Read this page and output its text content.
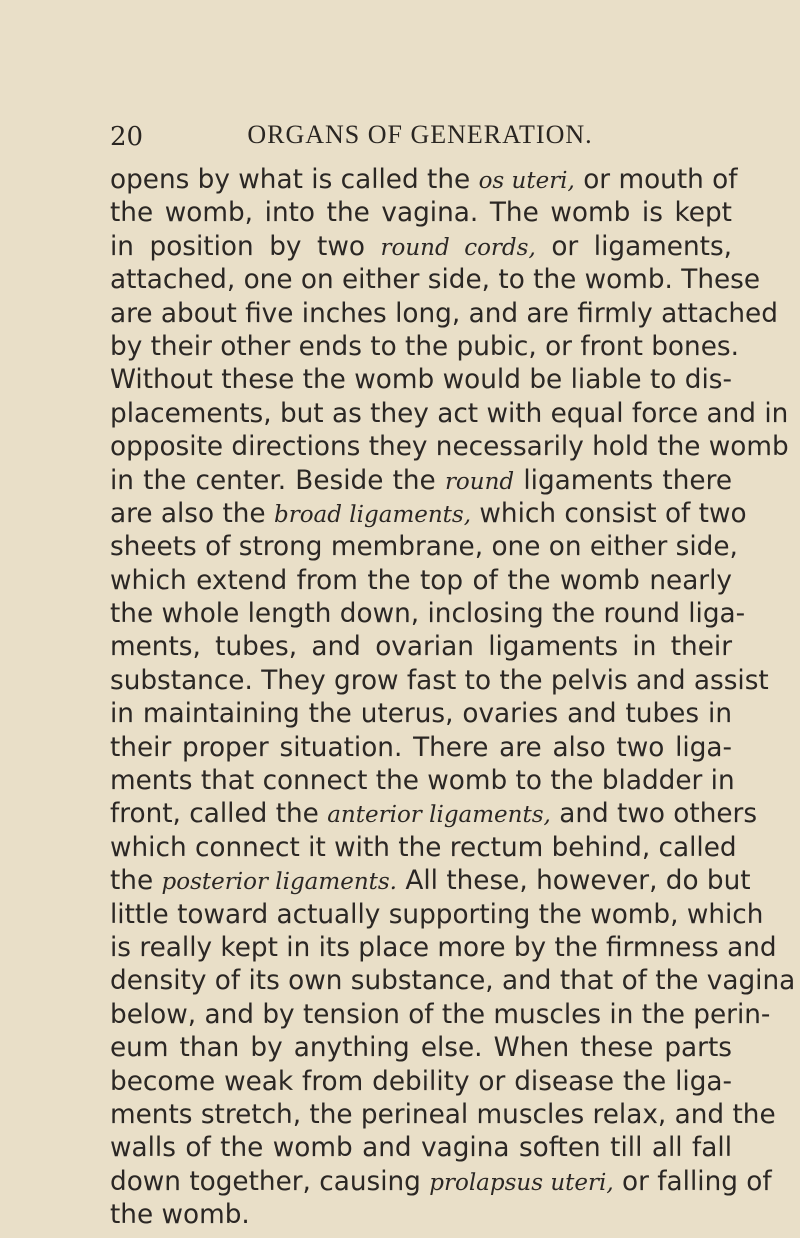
20	ORGANS OF GENERATION.
opens by what is called the os uteri, or mouth of
the womb, into the vagina. The womb is kept
in position by two round cords, or ligaments,
attached, one on either side, to the womb. These
are about five inches long, and are firmly attached
by their other ends to the pubic, or front bones.
Without these the womb would be liable to dis-
placements, but as they act with equal force and in
opposite directions they necessarily hold the womb
in the center. Beside the round ligaments there
are also the broad ligaments, which consist of two
sheets of strong membrane, one on either side,
which extend from the top of the womb nearly
the whole length down, inclosing the round liga-
ments, tubes, and ovarian ligaments in their
substance. They grow fast to the pelvis and assist
in maintaining the uterus, ovaries and tubes in
their proper situation. There are also two liga-
ments that connect the womb to the bladder in
front, called the anterior ligaments, and two others
which connect it with the rectum behind, called
the posterior ligaments. All these, however, do but
little toward actually supporting the womb, which
is really kept in its place more by the firmness and
density of its own substance, and that of the vagina
below, and by tension of the muscles in the perin-
eum than by anything else. When these parts
become weak from debility or disease the liga-
ments stretch, the perineal muscles relax, and the
walls of the womb and vagina soften till all fall
down together, causing prolapsus uteri, or falling of
the womb.
